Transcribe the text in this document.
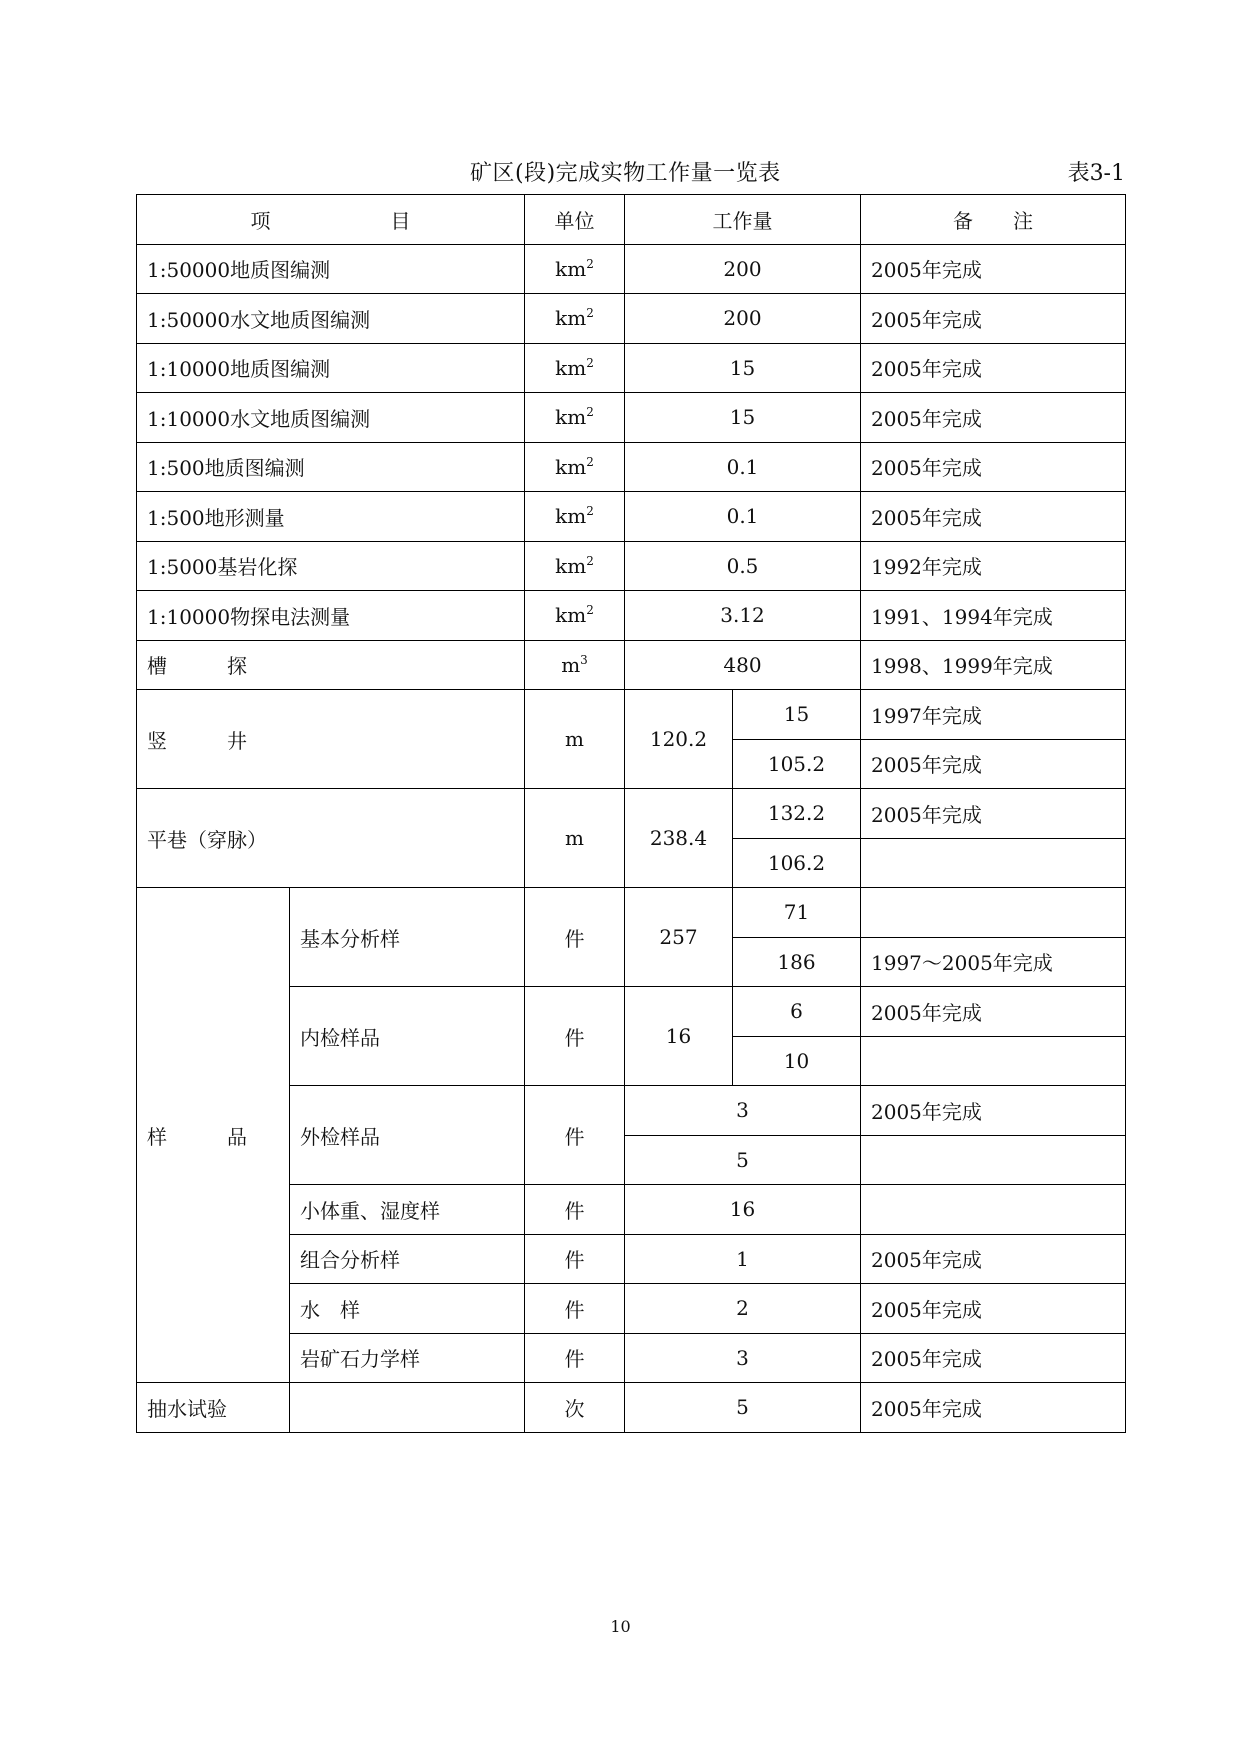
矿区(段)完成实物工作量一览表	表3-1
项　　　　　　目		单位	工作量		备　　注
1:50000地质图编测		$km^2$	200		2005年完成
1:50000水文地质图编测		$km^2$	200		2005年完成
1:10000地质图编测		$km^2$	15		2005年完成
1:10000水文地质图编测		$km^2$	15		2005年完成
1:500地质图编测		$km^2$	0.1		2005年完成
1:500地形测量		$km^2$	0.1		2005年完成
1:5000基岩化探		$km^2$	0.5		1992年完成
1:10000物探电法测量		$km^2$	3.12		1991、1994年完成
槽　　　探		$m^3$	480		1998、1999年完成
竖　　　井		m	120.2	15	1997年完成
				105.2	2005年完成
平巷（穿脉）		m	238.4	132.2	2005年完成
				106.2	
样　　　品	基本分析样	件	257	71	
				186	1997～2005年完成
	内检样品	件	16	6	2005年完成
				10	
	外检样品	件	3		2005年完成
			5		
	小体重、湿度样	件	16		
	组合分析样	件	1		2005年完成
	水　样	件	2		2005年完成
	岩矿石力学样	件	3		2005年完成
抽水试验		次	5		2005年完成
10
